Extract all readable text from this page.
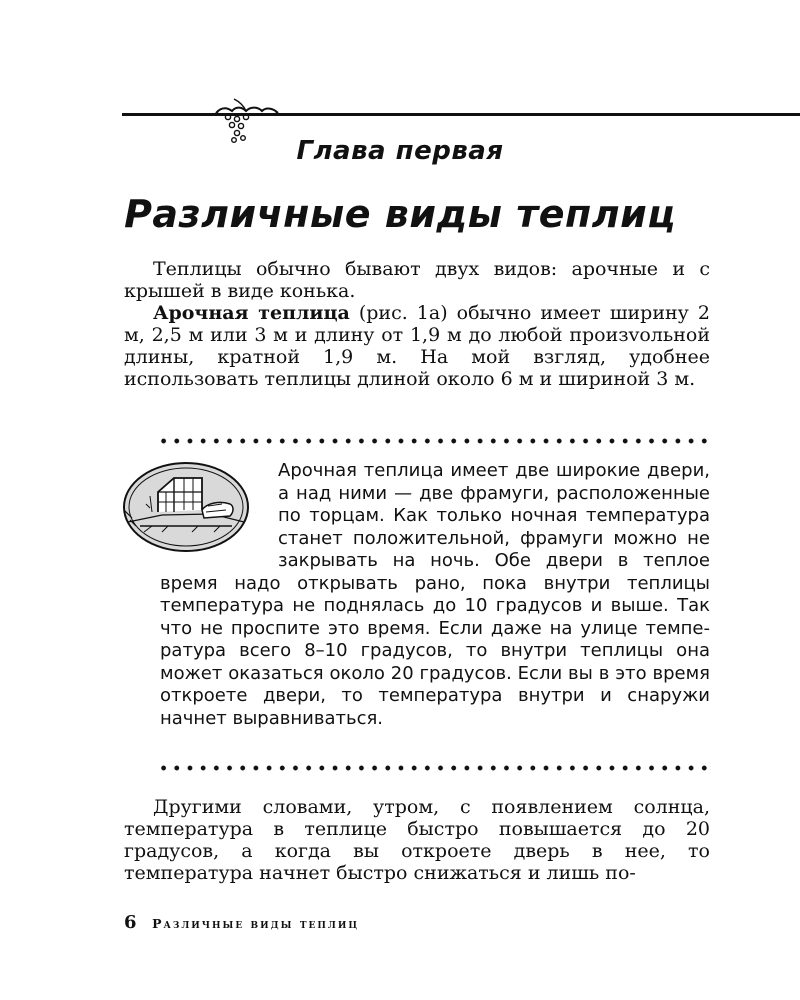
Глава первая
Различные виды теплиц

Теплицы обычно бывают двух видов: арочные и с крышей в виде конька.

Арочная теплица (рис. 1а) обычно имеет ширину 2 м, 2,5 м или 3 м и длину от 1,9 м до любой произvольной длины, кратной 1,9 м. На мой взгляд, удобнее использовать теплицы длиной около 6 м и шириной 3 м.

Арочная теплица имеет две широкие двери, а над ними — две фрамуги, расположенные по торцам. Как только ночная температура станет положительной, фрамуги можно не закрывать на ночь. Обе двери в теплое время надо открывать рано, пока внутри теплицы температура не поднялась до 10 градусов и выше. Так что не проспите это время. Если даже на улице температура всего 8–10 градусов, то внутри теплицы она может оказаться около 20 градусов. Если вы в это время откроете двери, то температура внутри и снаружи начнет выравниваться.

Другими словами, утром, с появлением солнца, температура в теплице быстро повышается до 20 градусов, а когда вы откроете дверь в нее, то температура начнет быстро снижаться и лишь по-

6 Различные виды теплиц
